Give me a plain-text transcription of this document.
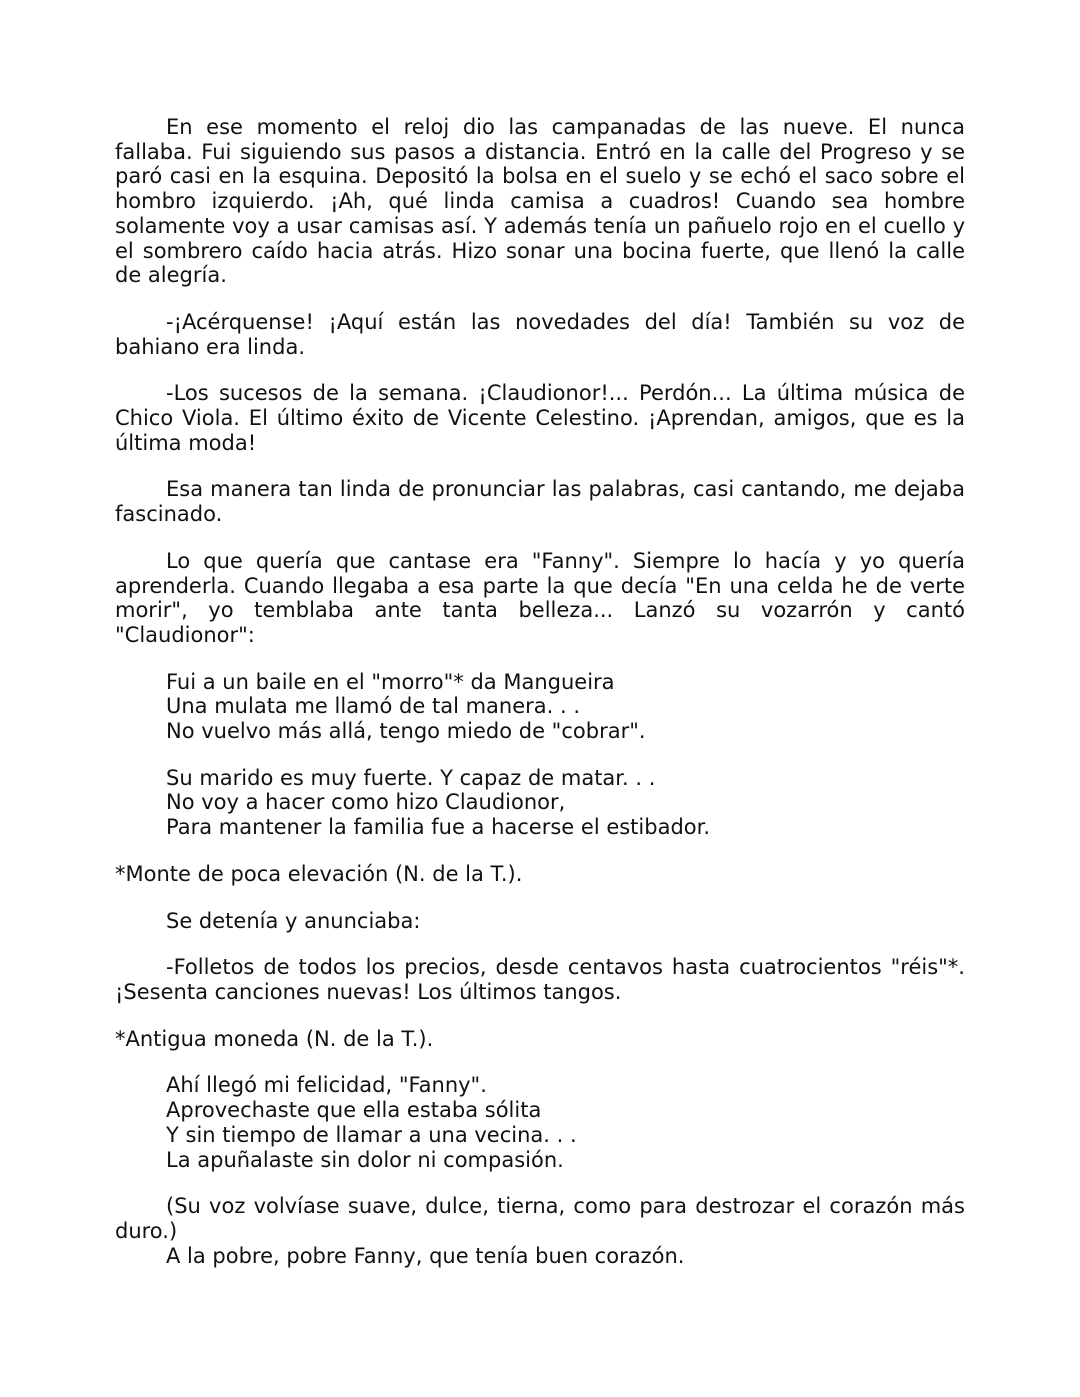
En ese momento el reloj dio las campanadas de las nueve. El nunca fallaba. Fui siguiendo sus pasos a distancia. Entró en la calle del Progreso y se paró casi en la esquina. Depositó la bolsa en el suelo y se echó el saco sobre el hombro izquierdo. ¡Ah, qué linda camisa a cuadros! Cuando sea hombre solamente voy a usar camisas así. Y además tenía un pañuelo rojo en el cuello y el sombrero caído hacia atrás. Hizo sonar una bocina fuerte, que llenó la calle de alegría.

-¡Acérquense! ¡Aquí están las novedades del día! También su voz de bahiano era linda.

-Los sucesos de la semana. ¡Claudionor!... Perdón... La última música de Chico Viola. El último éxito de Vicente Celestino. ¡Aprendan, amigos, que es la última moda!

Esa manera tan linda de pronunciar las palabras, casi cantando, me dejaba fascinado.

Lo que quería que cantase era "Fanny". Siempre lo hacía y yo quería aprenderla. Cuando llegaba a esa parte la que decía "En una celda he de verte morir", yo temblaba ante tanta belleza... Lanzó su vozarrón y cantó "Claudionor":

Fui a un baile en el "morro"* da Mangueira
Una mulata me llamó de tal manera. . .
No vuelvo más allá, tengo miedo de "cobrar".
Su marido es muy fuerte. Y capaz de matar. . .
No voy a hacer como hizo Claudionor,
Para mantener la familia fue a hacerse el estibador.

*Monte de poca elevación (N. de la T.).

Se detenía y anunciaba:

-Folletos de todos los precios, desde centavos hasta cuatrocientos "réis"*. ¡Sesenta canciones nuevas! Los últimos tangos.

*Antigua moneda (N. de la T.).

Ahí llegó mi felicidad, "Fanny".
Aprovechaste que ella estaba sólita
Y sin tiempo de llamar a una vecina. . .
La apuñalaste sin dolor ni compasión.

(Su voz volvíase suave, dulce, tierna, como para destrozar el corazón más duro.)

A la pobre, pobre Fanny, que tenía buen corazón.
